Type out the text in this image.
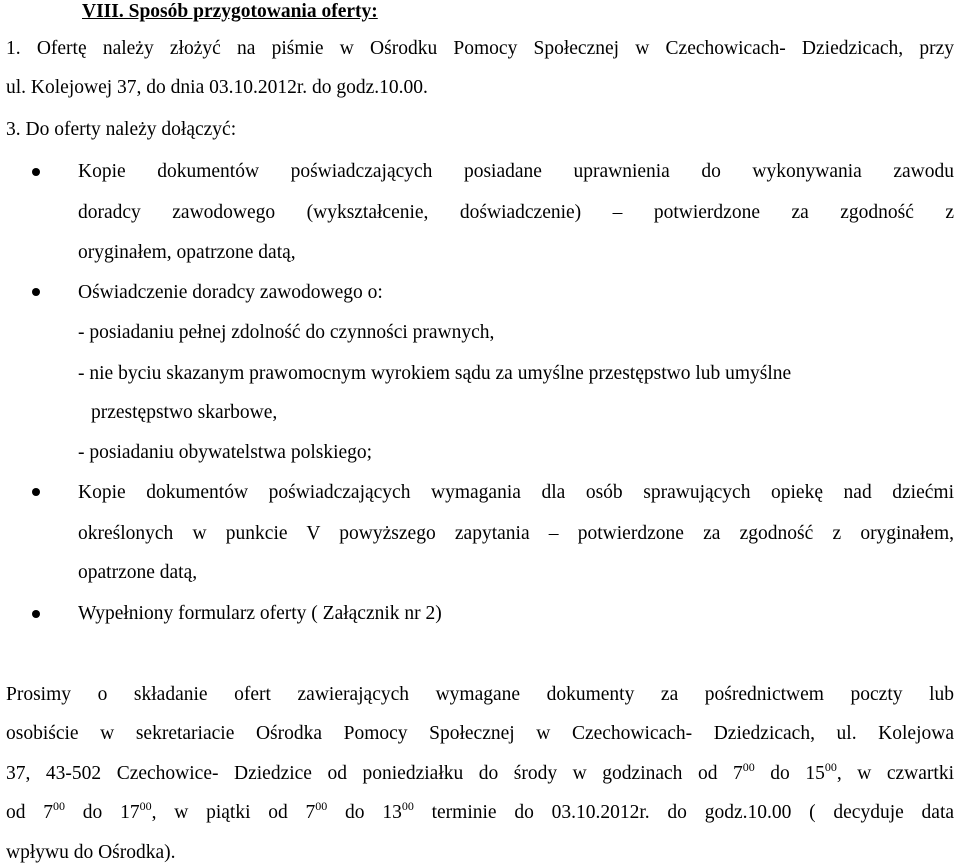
VIII. Sposób przygotowania oferty:
1. Ofertę należy złożyć na piśmie w Ośrodku Pomocy Społecznej w Czechowicach- Dziedzicach, przy
ul. Kolejowej 37, do dnia 03.10.2012r. do godz.10.00.
3. Do oferty należy dołączyć:
Kopie dokumentów poświadczających posiadane uprawnienia do wykonywania zawodu
doradcy zawodowego (wykształcenie, doświadczenie) – potwierdzone za zgodność z
oryginałem, opatrzone datą,
Oświadczenie doradcy zawodowego o:
- posiadaniu pełnej zdolność do czynności prawnych,
- nie byciu skazanym prawomocnym wyrokiem sądu za umyślne przestępstwo lub umyślne
przestępstwo skarbowe,
- posiadaniu obywatelstwa polskiego;
Kopie dokumentów poświadczających wymagania dla osób sprawujących opiekę nad dziećmi
określonych w punkcie V powyższego zapytania – potwierdzone za zgodność z oryginałem,
opatrzone datą,
Wypełniony formularz oferty ( Załącznik nr 2)
Prosimy o składanie ofert zawierających wymagane dokumenty za pośrednictwem poczty lub
osobiście w sekretariacie Ośrodka Pomocy Społecznej w Czechowicach- Dziedzicach, ul. Kolejowa
37, 43-502 Czechowice- Dziedzice od poniedziałku do środy w godzinach od $7^{00}$ do $15^{00}$, w czwartki
od $7^{00}$ do $17^{00}$, w piątki od $7^{00}$ do $13^{00}$ terminie do 03.10.2012r. do godz.10.00 ( decyduje data
wpływu do Ośrodka).
